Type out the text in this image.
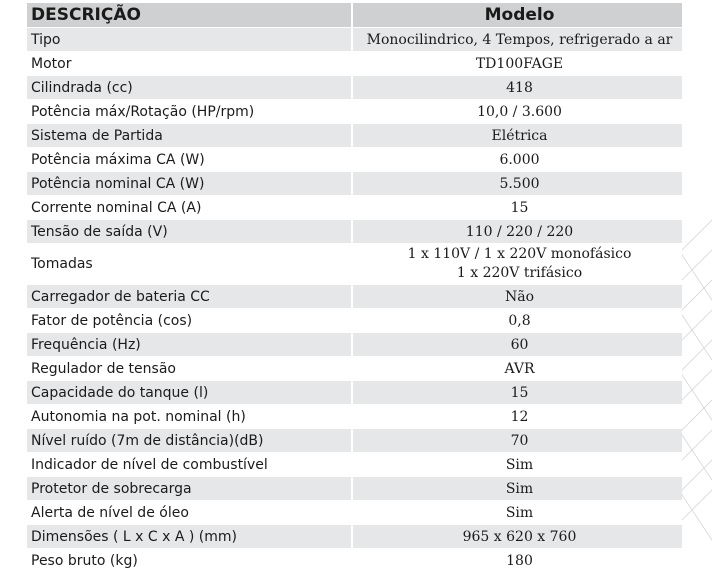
DESCRIÇÃO	Modelo
Tipo	Monocilindrico, 4 Tempos, refrigerado a ar
Motor	TD100FAGE
Cilindrada (cc)	418
Potência máx/Rotação (HP/rpm)	10,0 / 3.600
Sistema de Partida	Elétrica
Potência máxima CA (W)	6.000
Potência nominal CA (W)	5.500
Corrente nominal CA (A)	15
Tensão de saída (V)	110 / 220 / 220
Tomadas	1 x 110V / 1 x 220V monofásico
1 x 220V trifásico

Carregador de bateria CC	Não
Fator de potência (cos)	0,8
Frequência (Hz)	60
Regulador de tensão	AVR
Capacidade do tanque (l)	15
Autonomia na pot. nominal (h)	12
Nível ruído (7m de distância)(dB)	70
Indicador de nível de combustível	Sim
Protetor de sobrecarga	Sim
Alerta de nível de óleo	Sim
Dimensões ( L x C x A ) (mm)	965 x 620 x 760
Peso bruto (kg)	180
